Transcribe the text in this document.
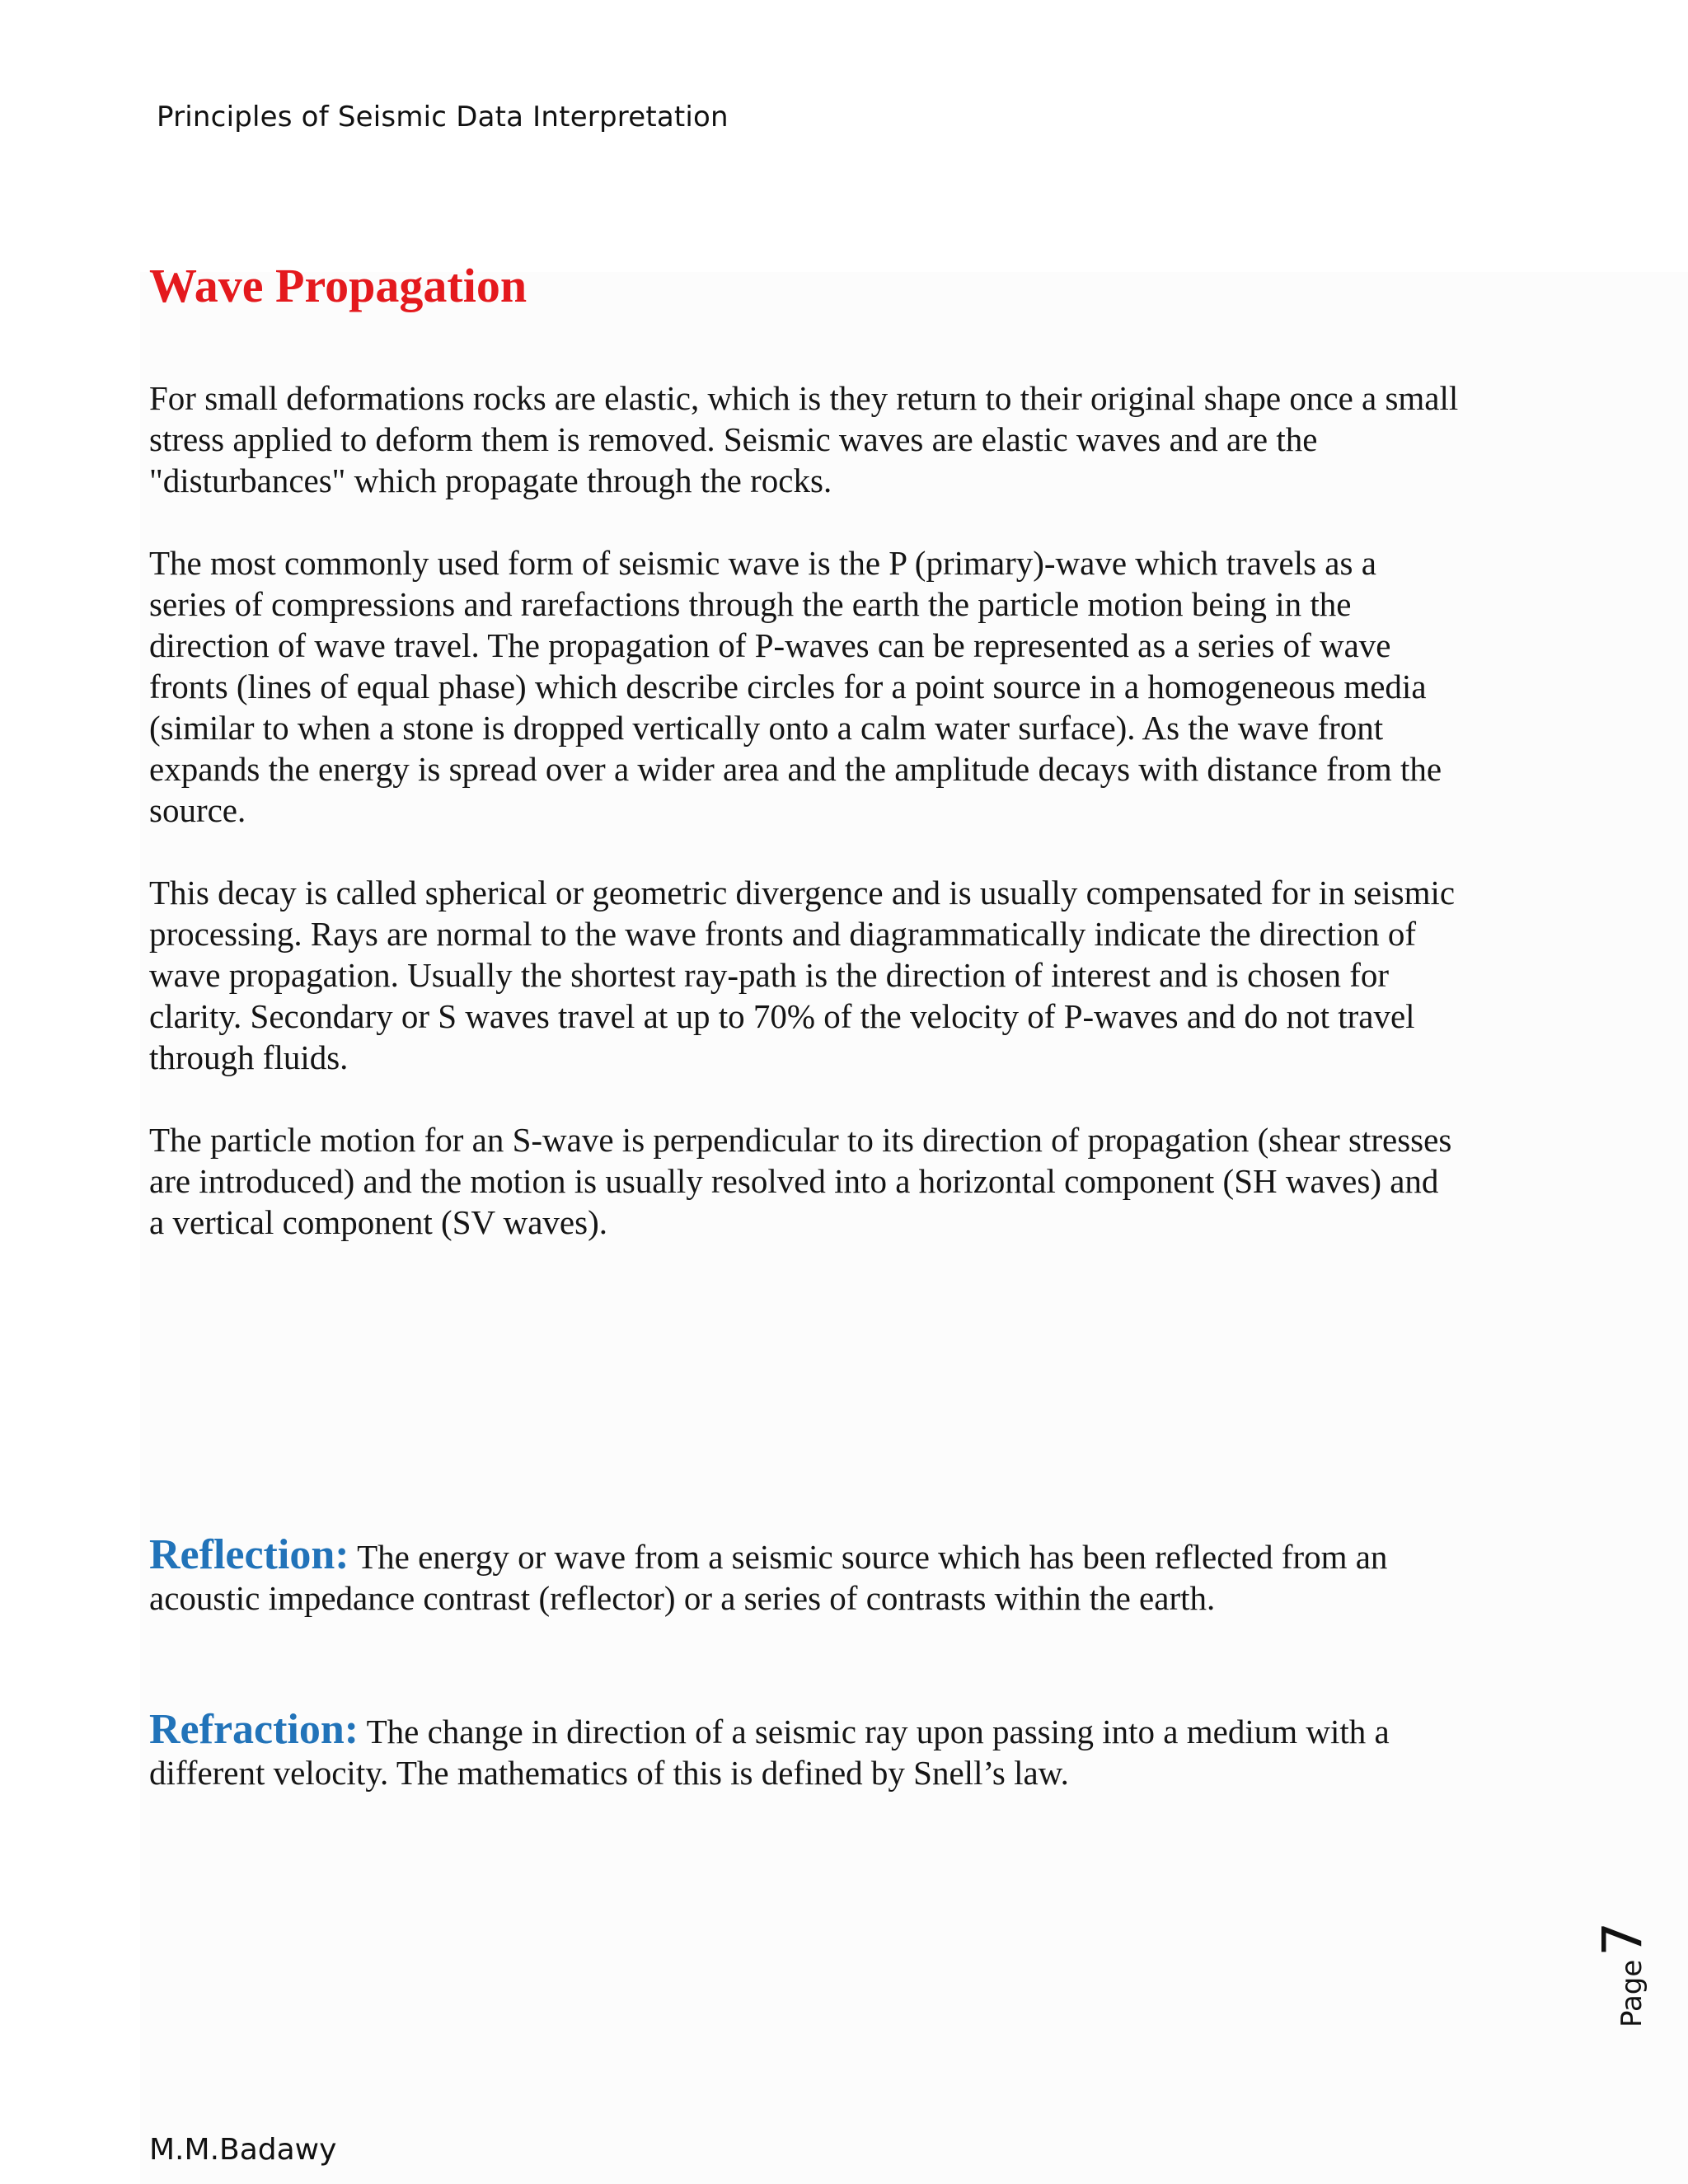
Principles of Seismic Data Interpretation
Wave Propagation

For small deformations rocks are elastic, which is they return to their original shape once a small
stress applied to deform them is removed. Seismic waves are elastic waves and are the
"disturbances" which propagate through the rocks.

The most commonly used form of seismic wave is the P (primary)-wave which travels as a
series of compressions and rarefactions through the earth the particle motion being in the
direction of wave travel. The propagation of P-waves can be represented as a series of wave
fronts (lines of equal phase) which describe circles for a point source in a homogeneous media
(similar to when a stone is dropped vertically onto a calm water surface). As the wave front
expands the energy is spread over a wider area and the amplitude decays with distance from the
source.

This decay is called spherical or geometric divergence and is usually compensated for in seismic
processing. Rays are normal to the wave fronts and diagrammatically indicate the direction of
wave propagation. Usually the shortest ray-path is the direction of interest and is chosen for
clarity. Secondary or S waves travel at up to 70% of the velocity of P-waves and do not travel
through fluids.

The particle motion for an S-wave is perpendicular to its direction of propagation (shear stresses
are introduced) and the motion is usually resolved into a horizontal component (SH waves) and
a vertical component (SV waves).

Reflection: The energy or wave from a seismic source which has been reflected from an
acoustic impedance contrast (reflector) or a series of contrasts within the earth.

Refraction: The change in direction of a seismic ray upon passing into a medium with a
different velocity. The mathematics of this is defined by Snell’s law.

Page 7
M.M.Badawy
